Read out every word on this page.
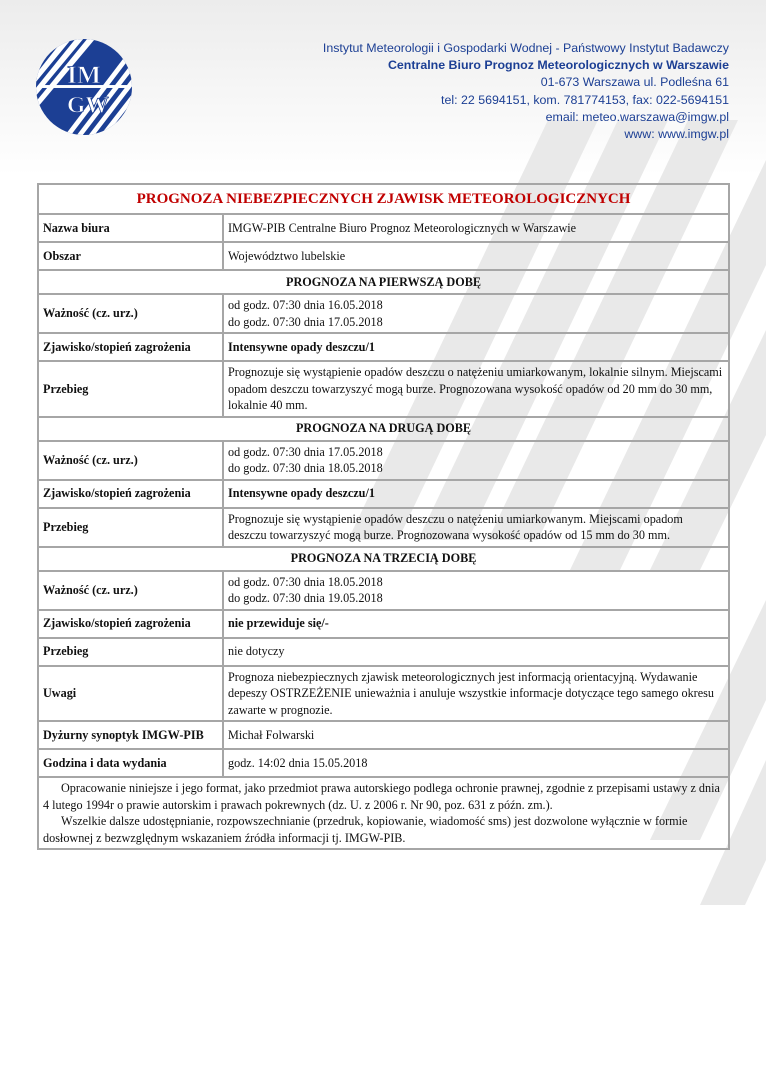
IM
GW
Instytut Meteorologii i Gospodarki Wodnej - Państwowy Instytut Badawczy
Centralne Biuro Prognoz Meteorologicznych w Warszawie
01-673 Warszawa ul. Podleśna 61
tel: 22 5694151, kom. 781774153, fax: 022-5694151
email: meteo.warszawa@imgw.pl
www: www.imgw.pl
PROGNOZA NIEBEZPIECZNYCH ZJAWISK METEOROLOGICZNYCH	
Nazwa biura	IMGW-PIB Centralne Biuro Prognoz Meteorologicznych w Warszawie
Obszar	Województwo lubelskie
PROGNOZA NA PIERWSZĄ DOBĘ	
Ważność (cz. urz.)	od godz. 07:30 dnia 16.05.2018
do godz. 07:30 dnia 17.05.2018

Zjawisko/stopień zagrożenia	Intensywne opady deszczu/1
Przebieg	Prognozuje się wystąpienie opadów deszczu o natężeniu umiarkowanym, lokalnie silnym. Miejscami opadom deszczu towarzyszyć mogą burze. Prognozowana wysokość opadów od 20 mm do 30 mm, lokalnie 40 mm.
PROGNOZA NA DRUGĄ DOBĘ	
Ważność (cz. urz.)	od godz. 07:30 dnia 17.05.2018
do godz. 07:30 dnia 18.05.2018

Zjawisko/stopień zagrożenia	Intensywne opady deszczu/1
Przebieg	Prognozuje się wystąpienie opadów deszczu o natężeniu umiarkowanym. Miejscami opadom deszczu towarzyszyć mogą burze. Prognozowana wysokość opadów od 15 mm do 30 mm.
PROGNOZA NA TRZECIĄ DOBĘ	
Ważność (cz. urz.)	od godz. 07:30 dnia 18.05.2018
do godz. 07:30 dnia 19.05.2018

Zjawisko/stopień zagrożenia	nie przewiduje się/-
Przebieg	nie dotyczy
Uwagi	Prognoza niebezpiecznych zjawisk meteorologicznych jest informacją orientacyjną. Wydawanie depeszy OSTRZEŻENIE unieważnia i anuluje wszystkie informacje dotyczące tego samego okresu zawarte w prognozie.
Dyżurny synoptyk IMGW-PIB	Michał Folwarski
Godzina i data wydania	godz. 14:02 dnia 15.05.2018

Opracowanie niniejsze i jego format, jako przedmiot prawa autorskiego podlega ochronie prawnej, zgodnie z przepisami ustawy z dnia 4 lutego 1994r o prawie autorskim i prawach pokrewnych (dz. U. z 2006 r. Nr 90, poz. 631 z późn. zm.).

Wszelkie dalsze udostępnianie, rozpowszechnianie (przedruk, kopiowanie, wiadomość sms) jest dozwolone wyłącznie w formie dosłownej z bezwzględnym wskazaniem źródła informacji tj. IMGW-PIB.	
